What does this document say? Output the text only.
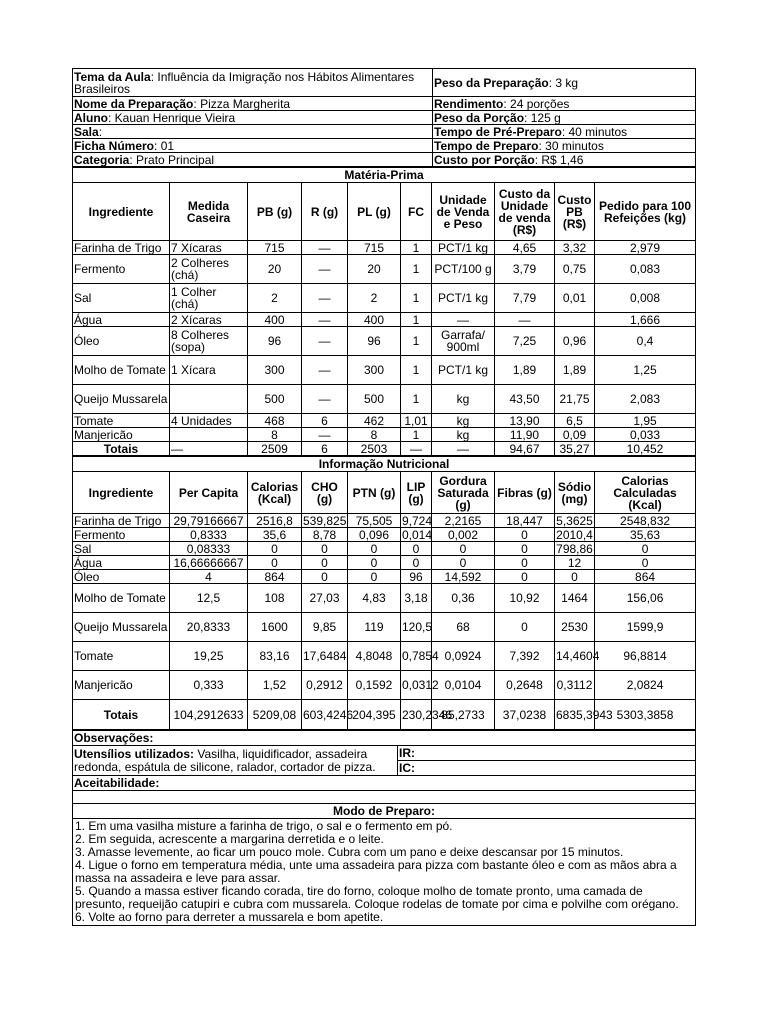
Tema da Aula: Influência da Imigração nos Hábitos Alimentares Brasileiros	Peso da Preparação: 3 kg
Nome da Preparação: Pizza Margherita	Rendimento: 24 porções
Aluno: Kauan Henrique Vieira	Peso da Porção: 125 g
Sala:	Tempo de Pré-Preparo: 40 minutos
Ficha Número: 01	Tempo de Preparo: 30 minutos
Categoria: Prato Principal	Custo por Porção: R$ 1,46
Matéria-Prima									
Ingrediente	Medida Caseira	PB (g)	R (g)	PL (g)	FC	Unidade de Venda e Peso	Custo da Unidade de venda (R$)	Custo PB (R$)	Pedido para 100 Refeições (kg)
Farinha de Trigo	7 Xícaras	715	—	715	1	PCT/1 kg	4,65	3,32	2,979
Fermento	2 Colheres (chá)	20	—	20	1	PCT/100 g	3,79	0,75	0,083
Sal	1 Colher (chá)	2	—	2	1	PCT/1 kg	7,79	0,01	0,008
Água	2 Xícaras	400	—	400	1	—	—		1,666
Óleo	8 Colheres (sopa)	96	—	96	1	Garrafa/ 900ml	7,25	0,96	0,4
Molho de Tomate	1 Xícara	300	—	300	1	PCT/1 kg	1,89	1,89	1,25
Queijo Mussarela		500	—	500	1	kg	43,50	21,75	2,083
Tomate	4 Unidades	468	6	462	1,01	kg	13,90	6,5	1,95
Manjericão		8	—	8	1	kg	11,90	0,09	0,033
Totais	—	2509	6	2503	—	—	94,67	35,27	10,452
Informação Nutricional									
Ingrediente	Per Capita	Calorias (Kcal)	CHO (g)	PTN (g)	LIP (g)	Gordura Saturada (g)	Fibras (g)	Sódio (mg)	Calorias Calculadas (Kcal)
Farinha de Trigo	29,79166667	2516,8	539,825	75,505	9,724	2,2165	18,447	5,3625	2548,832
Fermento	0,8333	35,6	8,78	0,096	0,014	0,002	0	2010,4	35,63
Sal	0,08333	0	0	0	0	0	0	798,86	0
Água	16,66666667	0	0	0	0	0	0	12	0
Óleo	4	864	0	0	96	14,592	0	0	864
Molho de Tomate	12,5	108	27,03	4,83	3,18	0,36	10,92	1464	156,06
Queijo Mussarela	20,8333	1600	9,85	119	120,5	68	0	2530	1599,9
Tomate	19,25	83,16	17,6484	4,8048	0,7854	0,0924	7,392	14,4604	96,8814
Manjericão	0,333	1,52	0,2912	0,1592	0,0312	0,0104	0,2648	0,3112	2,0824
Totais	104,2912633	5209,08	603,4246	204,395	230,2346	85,2733	37,0238	6835,3943	5303,3858
Observações:
Utensílios utilizados: Vasilha, liquidificador, assadeira redonda, espátula de silicone, ralador, cortador de pizza.	IR:
IC:
Aceitabilidade:

Modo de Preparo:

1. Em uma vasilha misture a farinha de trigo, o sal e o fermento em pó.
2. Em seguida, acrescente a margarina derretida e o leite.
3. Amasse levemente, ao ficar um pouco mole. Cubra com um pano e deixe descansar por 15 minutos.
4. Ligue o forno em temperatura média, unte uma assadeira para pizza com bastante óleo e com as mãos abra a massa na assadeira e leve para assar.
5. Quando a massa estiver ficando corada, tire do forno, coloque molho de tomate pronto, uma camada de presunto, requeijão catupiri e cubra com mussarela. Coloque rodelas de tomate por cima e polvilhe com orégano.
6. Volte ao forno para derreter a mussarela e bom apetite.
